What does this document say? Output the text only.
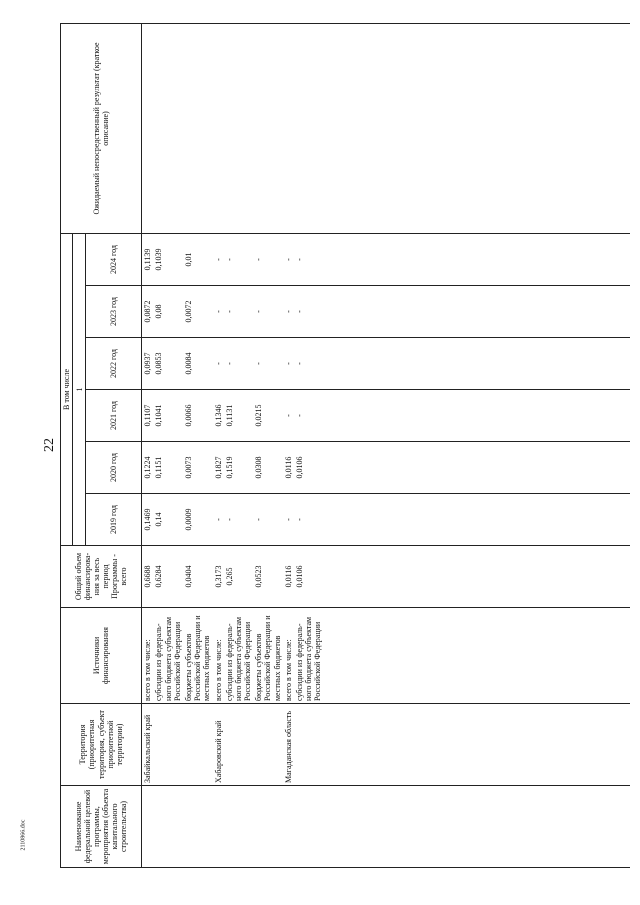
22
Наименование федеральной целевой программы, мероприятия (объекта капитального строительства)	Территория (приоритетная территория, субъект приоритетной территории)	Источники финансирования	Общий объем финансирова-ния за весь период Программы - всего	В том числе						Ожидаемый непосредственный результат (краткое описание)
				1						
				2019 год	2020 год	2021 год	2022 год	2023 год	2024 год	
	Забайкальский край	всего в том числе:	0,6688	0,1469	0,1224	0,1107	0,0937	0,0872	0,1139	
		субсидии из федераль-ного бюджета субъектам Российской Федерации	0,6284	0,14	0,1151	0,1041	0,0853	0,08	0,1039	
		бюджеты субъектов Российской Федерации и местных бюджетов	0,0404	0,0009	0,0073	0,0066	0,0084	0,0072	0,01	
	Хабаровский край	всего в том числе:	0,3173	-	0,1827	0,1346	-	-	-	
		субсидии из федераль-ного бюджета субъектам Российской Федерации	0,265	-	0,1519	0,1131	-	-	-	
		бюджеты субъектов Российской Федерации и местных бюджетов	0,0523	-	0,0308	0,0215	-	-	-	
	Магаданская область	всего в том числе:	0,0116	-	0,0116	-	-	-	-	
		субсидии из федераль-ного бюджета субъектам Российской Федерации	0,0106	-	0,0106	-	-	-	-	

2110866.doc
